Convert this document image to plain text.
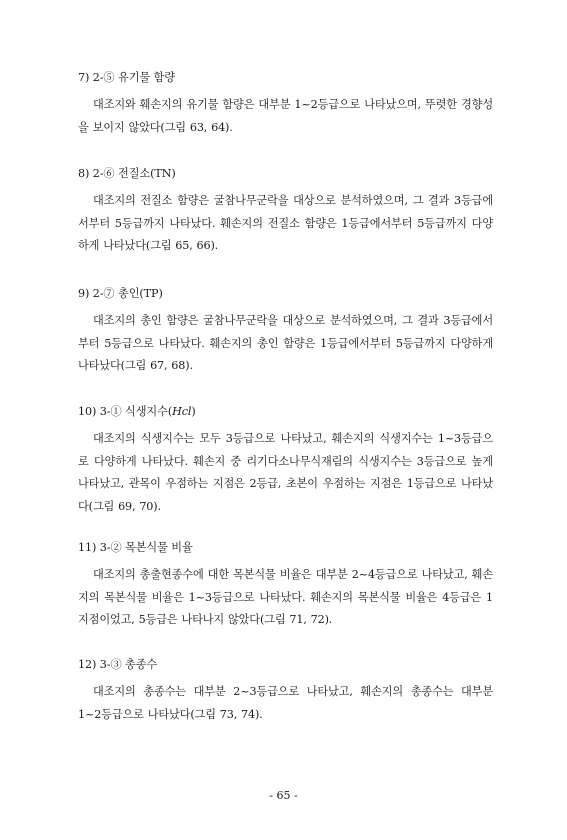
7) 2-⑤ 유기물 함량
대조지와 훼손지의 유기물 함량은 대부분 1~2등급으로 나타났으며, 뚜렷한 경향성을 보이지 않았다(그림 63, 64).
8) 2-⑥ 전질소(TN)
대조지의 전질소 함량은 굴참나무군락을 대상으로 분석하였으며, 그 결과 3등급에서부터 5등급까지 나타났다. 훼손지의 전질소 함량은 1등급에서부터 5등급까지 다양하게 나타났다(그림 65, 66).
9) 2-⑦ 총인(TP)
대조지의 총인 함량은 굴참나무군락을 대상으로 분석하였으며, 그 결과 3등급에서부터 5등급으로 나타났다. 훼손지의 총인 함량은 1등급에서부터 5등급까지 다양하게 나타났다(그림 67, 68).
10) 3-① 식생지수(Hcl)
대조지의 식생지수는 모두 3등급으로 나타났고, 훼손지의 식생지수는 1~3등급으로 다양하게 나타났다. 훼손지 중 리기다소나무식재림의 식생지수는 3등급으로 높게 나타났고, 관목이 우점하는 지점은 2등급, 초본이 우점하는 지점은 1등급으로 나타났다(그림 69, 70).
11) 3-② 목본식물 비율
대조지의 총출현종수에 대한 목본식물 비율은 대부분 2~4등급으로 나타났고, 훼손지의 목본식물 비율은 1~3등급으로 나타났다. 훼손지의 목본식물 비율은 4등급은 1지점이었고, 5등급은 나타나지 않았다(그림 71, 72).
12) 3-③ 총종수
대조지의 총종수는 대부분 2~3등급으로 나타났고, 훼손지의 총종수는 대부분 1~2등급으로 나타났다(그림 73, 74).
- 65 -
